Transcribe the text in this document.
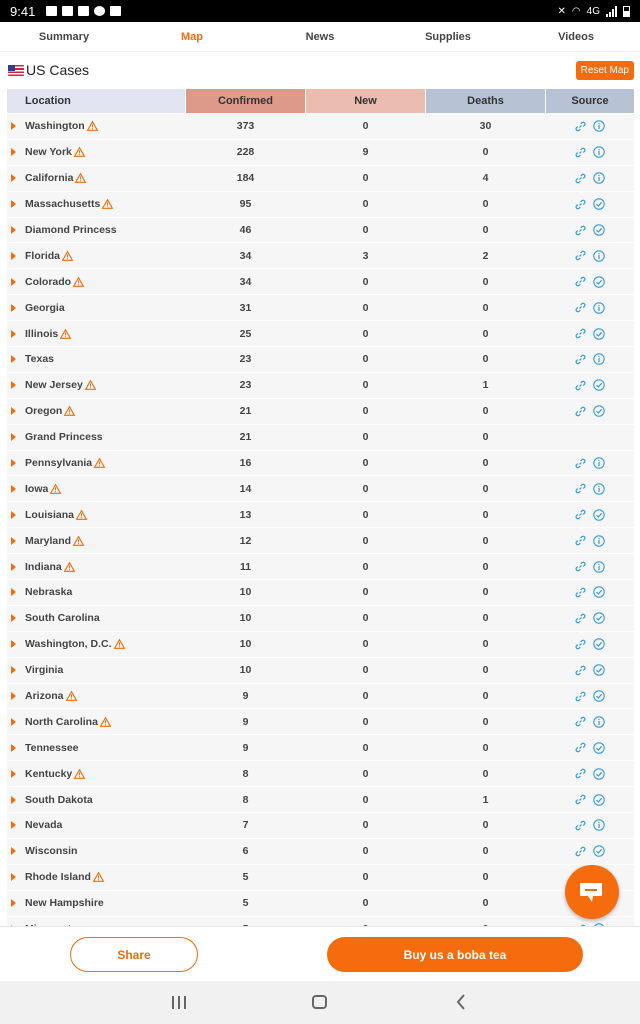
9:41	✕ ◠ 4G
Summary	Map	News	Supplies	Videos
US Cases	Reset Map
Location	Confirmed	New	Deaths	Source
Washington	373	0	30
New York	228	9	0
California	184	0	4
Massachusetts	95	0	0
Diamond Princess	46	0	0
Florida	34	3	2
Colorado	34	0	0
Georgia	31	0	0
Illinois	25	0	0
Texas	23	0	0
New Jersey	23	0	1
Oregon	21	0	0
Grand Princess	21	0	0
Pennsylvania	16	0	0
Iowa	14	0	0
Louisiana	13	0	0
Maryland	12	0	0
Indiana	11	0	0
Nebraska	10	0	0
South Carolina	10	0	0
Washington, D.C.	10	0	0
Virginia	10	0	0
Arizona	9	0	0
North Carolina	9	0	0
Tennessee	9	0	0
Kentucky	8	0	0
South Dakota	8	0	1
Nevada	7	0	0
Wisconsin	6	0	0
Rhode Island	5	0	0
New Hampshire	5	0	0
Share	Buy us a boba tea
